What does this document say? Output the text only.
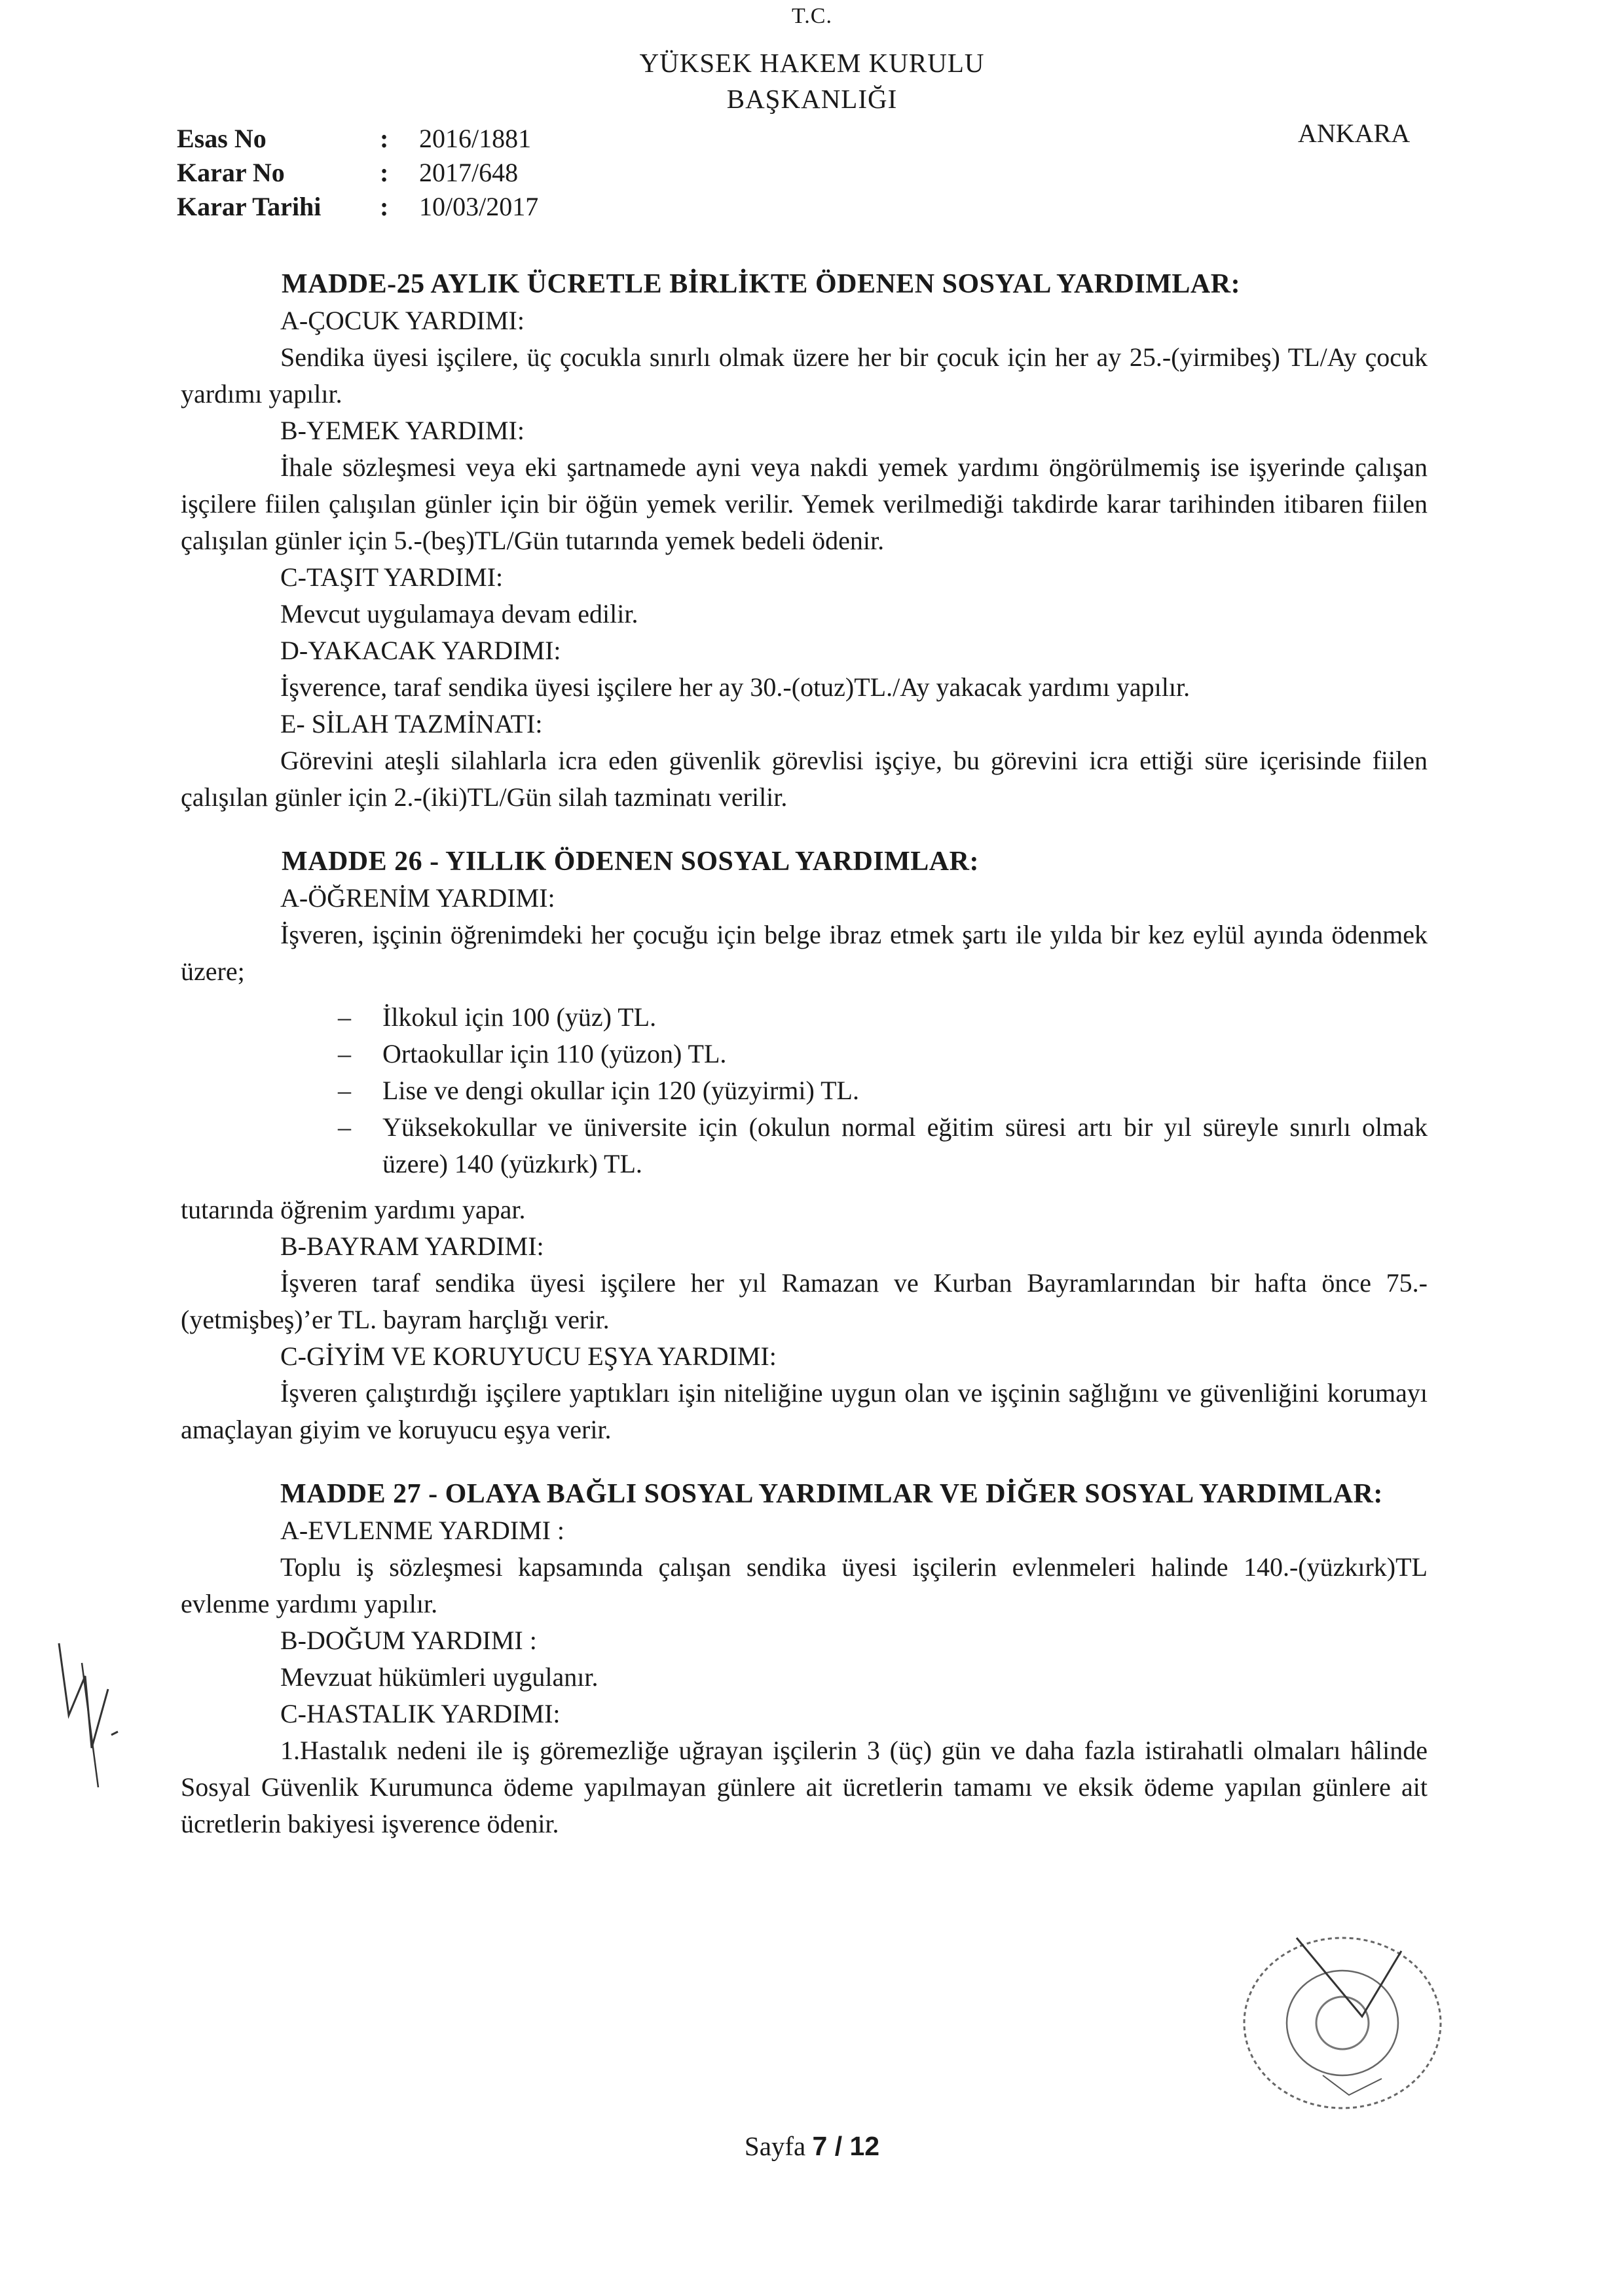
T.C.
YÜKSEK HAKEM KURULU
BAŞKANLIĞI
ANKARA
Esas No	: 2016/1881
Karar No	: 2017/648
Karar Tarihi : 10/03/2017
MADDE-25 AYLIK ÜCRETLE BİRLİKTE ÖDENEN SOSYAL YARDIMLAR:
A-ÇOCUK YARDIMI:

Sendika üyesi işçilere, üç çocukla sınırlı olmak üzere her bir çocuk için her ay 25.-(yirmibeş) TL/Ay çocuk yardımı yapılır.

B-YEMEK YARDIMI:

İhale sözleşmesi veya eki şartnamede ayni veya nakdi yemek yardımı öngörülmemiş ise işyerinde çalışan işçilere fiilen çalışılan günler için bir öğün yemek verilir. Yemek verilmediği takdirde karar tarihinden itibaren fiilen çalışılan günler için 5.-(beş)TL/Gün tutarında yemek bedeli ödenir.

C-TAŞIT YARDIMI:

Mevcut uygulamaya devam edilir.

D-YAKACAK YARDIMI:

İşverence, taraf sendika üyesi işçilere her ay 30.-(otuz)TL./Ay yakacak yardımı yapılır.

E- SİLAH TAZMİNATI:

Görevini ateşli silahlarla icra eden güvenlik görevlisi işçiye, bu görevini icra ettiği süre içerisinde fiilen çalışılan günler için 2.-(iki)TL/Gün silah tazminatı verilir.

MADDE 26 - YILLIK ÖDENEN SOSYAL YARDIMLAR:
A-ÖĞRENİM YARDIMI:

İşveren, işçinin öğrenimdeki her çocuğu için belge ibraz etmek şartı ile yılda bir kez eylül ayında ödenmek üzere;

– İlkokul için 100 (yüz) TL.
– Ortaokullar için 110 (yüzon) TL.
– Lise ve dengi okullar için 120 (yüzyirmi) TL.
– Yüksekokullar ve üniversite için (okulun normal eğitim süresi artı bir yıl süreyle sınırlı olmak üzere) 140 (yüzkırk) TL.

tutarında öğrenim yardımı yapar.

B-BAYRAM YARDIMI:

İşveren taraf sendika üyesi işçilere her yıl Ramazan ve Kurban Bayramlarından bir hafta önce 75.-(yetmişbeş)’er TL. bayram harçlığı verir.

C-GİYİM VE KORUYUCU EŞYA YARDIMI:

İşveren çalıştırdığı işçilere yaptıkları işin niteliğine uygun olan ve işçinin sağlığını ve güvenliğini korumayı amaçlayan giyim ve koruyucu eşya verir.

MADDE 27 - OLAYA BAĞLI SOSYAL YARDIMLAR VE DİĞER SOSYAL YARDIMLAR:
A-EVLENME YARDIMI :

Toplu iş sözleşmesi kapsamında çalışan sendika üyesi işçilerin evlenmeleri halinde 140.-(yüzkırk)TL evlenme yardımı yapılır.

B-DOĞUM YARDIMI :

Mevzuat hükümleri uygulanır.

C-HASTALIK YARDIMI:

1.Hastalık nedeni ile iş göremezliğe uğrayan işçilerin 3 (üç) gün ve daha fazla istirahatli olmaları hâlinde Sosyal Güvenlik Kurumunca ödeme yapılmayan günlere ait ücretlerin tamamı ve eksik ödeme yapılan günlere ait ücretlerin bakiyesi işverence ödenir.

Sayfa 7 / 12
